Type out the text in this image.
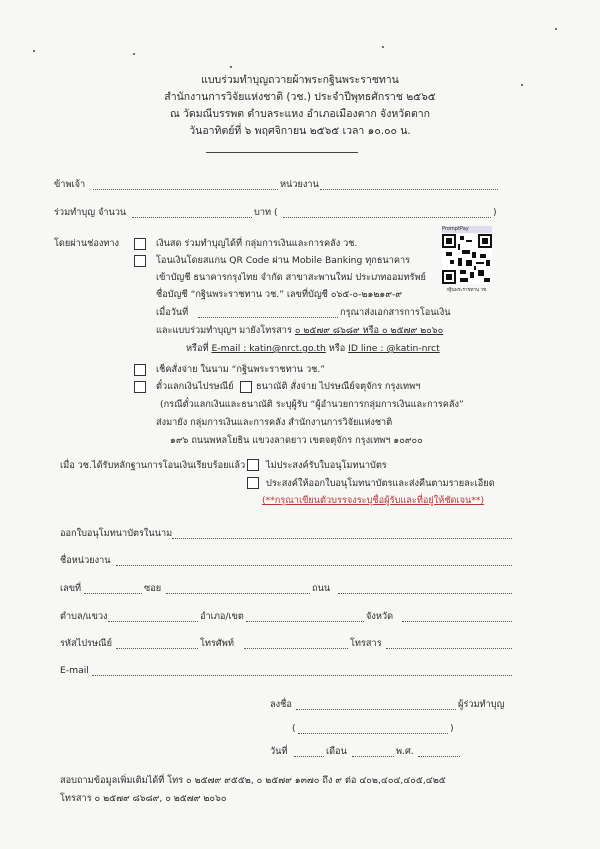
แบบร่วมทำบุญถวายผ้าพระกฐินพระราชทาน
สำนักงานการวิจัยแห่งชาติ (วช.) ประจำปีพุทธศักราช ๒๕๖๕
ณ วัดมณีบรรพต ตำบลระแหง อำเภอเมืองตาก จังหวัดตาก
วันอาทิตย์ที่ ๖ พฤศจิกายน ๒๕๖๕ เวลา ๑๐.๐๐ น.
ข้าพเจ้า	หน่วยงาน
ร่วมทำบุญ จำนวน	บาท (	)
โดยผ่านช่องทาง	เงินสด ร่วมทำบุญได้ที่ กลุ่มการเงินและการคลัง วช.
โอนเงินโดยสแกน QR Code ผ่าน Mobile Banking ทุกธนาคาร
เข้าบัญชี ธนาคารกรุงไทย จำกัด สาขาสะพานใหม่ ประเภทออมทรัพย์
ชื่อบัญชี “กฐินพระราชทาน วช.” เลขที่บัญชี ๐๖๕-๐-๒๑๒๑๙-๙
PromptPay
กฐินพระราชทาน วช.
เมื่อวันที่	กรุณาส่งเอกสารการโอนเงิน
และแบบร่วมทำบุญฯ มายังโทรสาร ๐ ๒๕๗๙ ๘๖๘๙ หรือ ๐ ๒๕๗๙ ๒๐๖๐
หรือที่ E-mail : katin@nrct.go.th หรือ ID line : @katin-nrct
เช็คสั่งจ่าย ในนาม “กฐินพระราชทาน วช.”
ตั๋วแลกเงินไปรษณีย์ ธนาณัติ สั่งจ่าย ไปรษณีย์จตุจักร กรุงเทพฯ
(กรณีตั๋วแลกเงินและธนาณัติ ระบุผู้รับ “ผู้อำนวยการกลุ่มการเงินและการคลัง”
ส่งมายัง กลุ่มการเงินและการคลัง สำนักงานการวิจัยแห่งชาติ
๑๙๖ ถนนพหลโยธิน แขวงลาดยาว เขตจตุจักร กรุงเทพฯ ๑๐๙๐๐
เมื่อ วช.ได้รับหลักฐานการโอนเงินเรียบร้อยแล้ว ไม่ประสงค์รับใบอนุโมทนาบัตร
ประสงค์ให้ออกใบอนุโมทนาบัตรและส่งคืนตามรายละเอียด
(**กรุณาเขียนตัวบรรจงระบุชื่อผู้รับและที่อยู่ให้ชัดเจน**)
ออกใบอนุโมทนาบัตรในนาม
ชื่อหน่วยงาน
เลขที่	ซอย	ถนน
ตำบล/แขวง	อำเภอ/เขต	จังหวัด
รหัสไปรษณีย์	โทรศัพท์	โทรสาร
E-mail
ลงชื่อ	ผู้ร่วมทำบุญ
(	)
วันที่	เดือน	พ.ศ.
สอบถามข้อมูลเพิ่มเติมได้ที่ โทร ๐ ๒๕๗๙ ๙๕๕๒, ๐ ๒๕๗๙ ๑๓๗๐ ถึง ๙ ต่อ ๔๐๒,๔๐๔,๔๐๕,๔๒๕
โทรสาร ๐ ๒๕๗๙ ๘๖๘๙, ๐ ๒๕๗๙ ๒๐๖๐
